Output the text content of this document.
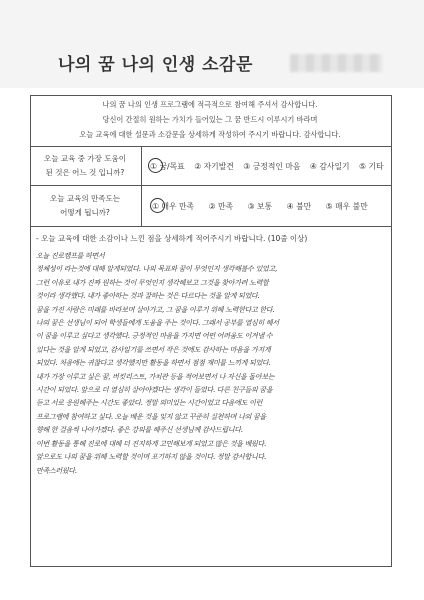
나의 꿈 나의 인생 소감문
나의 꿈 나의 인생 프로그램에 적극적으로 참여해 주셔서 감사합니다.
당신이 간절히 원하는 가치가 들어있는 그 꿈 반드시 이루시기 바라며
오늘 교육에 대한 설문과 소감문을 상세하게 작성하여 주시기 바랍니다. 감사합니다.
오늘 교육 중 가장 도움이
된 것은 어느 것 입니까?
① 꿈/목표 ② 자기발견 ③ 긍정적인 마음 ④ 감사일기 ⑤ 기타
오늘 교육의 만족도는
어떻게 됩니까?
① 매우 만족 ② 만족 ③ 보통 ④ 불만 ⑤ 매우 불만
- 오늘 교육에 대한 소감이나 느낀 점을 상세하게 적어주시기 바랍니다. (10줄 이상)
오늘 진로캠프를 하면서
정체성이 라는것에 대해 알게되었다. 나의 목표와 꿈이 무엇인지 생각해볼수 있었고,
그런 이유로 내가 진짜 원하는 것이 무엇인지 생각해보고 그것을 찾아가려 노력할
것이라 생각했다. 내가 좋아하는 것과 잘하는 것은 다르다는 것을 알게 되었다.
꿈을 가진 사람은 미래를 바라보며 살아가고, 그 꿈을 이루기 위해 노력한다고 한다.
나의 꿈은 선생님이 되어 학생들에게 도움을 주는 것이다. 그래서 공부를 열심히 해서
이 꿈을 이루고 싶다고 생각했다. 긍정적인 마음을 가지면 어떤 어려움도 이겨낼 수
있다는 것을 알게 되었고, 감사일기를 쓰면서 작은 것에도 감사하는 마음을 가지게
되었다. 처음에는 귀찮다고 생각했지만 활동을 하면서 점점 재미를 느끼게 되었다.
내가 가장 이루고 싶은 꿈, 버킷리스트, 가치관 등을 적어보면서 나 자신을 돌아보는
시간이 되었다. 앞으로 더 열심히 살아야겠다는 생각이 들었다. 다른 친구들의 꿈을
듣고 서로 응원해주는 시간도 좋았다. 정말 의미있는 시간이었고 다음에도 이런
프로그램에 참여하고 싶다. 오늘 배운 것을 잊지 않고 꾸준히 실천하며 나의 꿈을
향해 한 걸음씩 나아가겠다. 좋은 강의를 해주신 선생님께 감사드립니다.
이번 활동을 통해 진로에 대해 더 진지하게 고민해보게 되었고 많은 것을 배웠다.
앞으로도 나의 꿈을 위해 노력할 것이며 포기하지 않을 것이다. 정말 감사합니다.
만족스러웠다.
